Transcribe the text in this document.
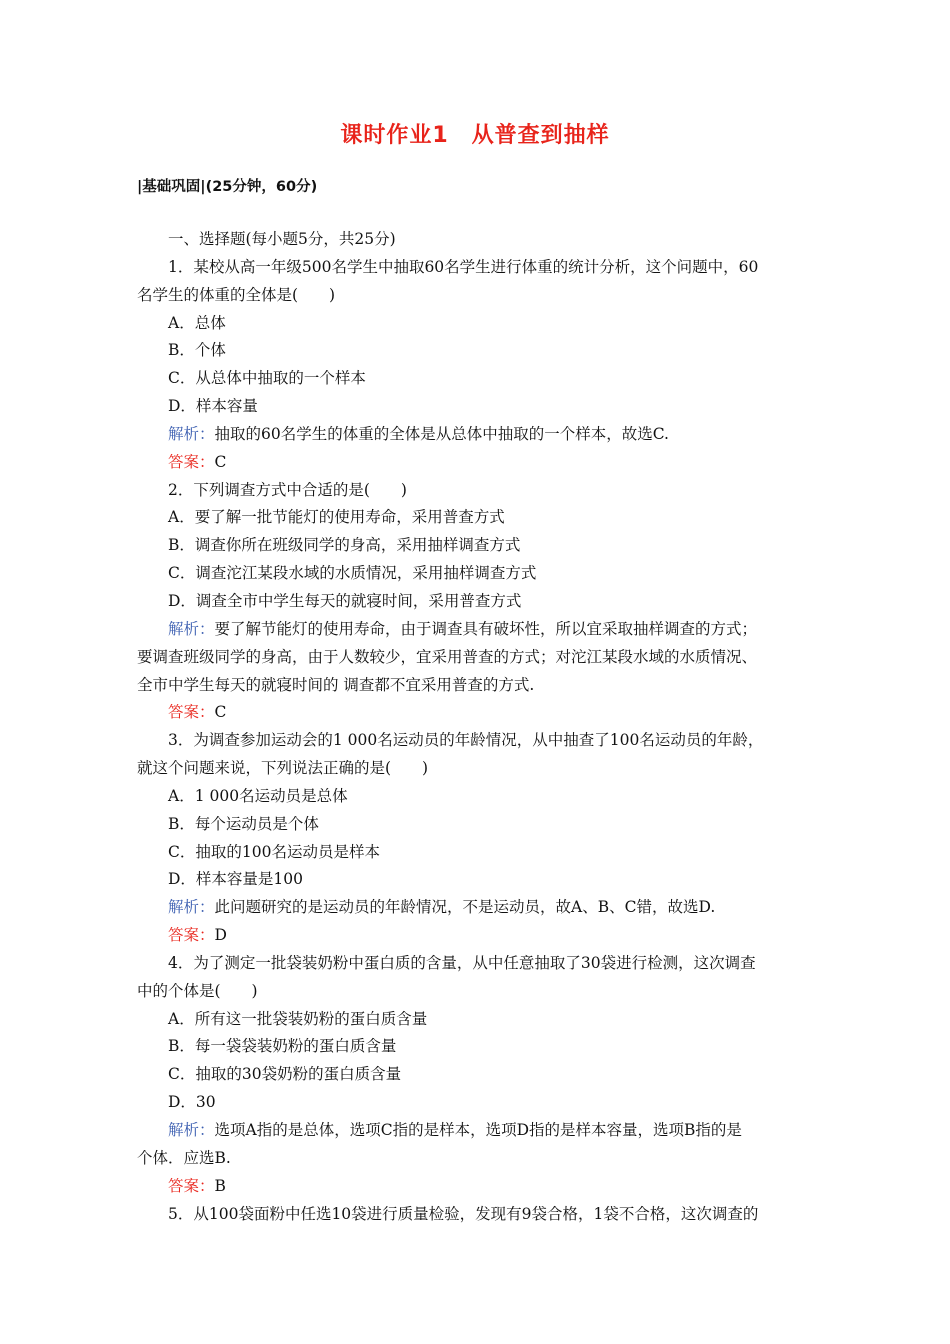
课时作业1　从普查到抽样
|基础巩固|(25分钟，60分)
一、选择题(每小题5分，共25分)
1．某校从高一年级500名学生中抽取60名学生进行体重的统计分析，这个问题中，60
名学生的体重的全体是(　　)
A．总体
B．个体
C．从总体中抽取的一个样本
D．样本容量
解析：抽取的60名学生的体重的全体是从总体中抽取的一个样本，故选C.
答案：C
2．下列调查方式中合适的是(　　)
A．要了解一批节能灯的使用寿命，采用普查方式
B．调查你所在班级同学的身高，采用抽样调查方式
C．调查沱江某段水域的水质情况，采用抽样调查方式
D．调查全市中学生每天的就寝时间，采用普查方式
解析：要了解节能灯的使用寿命，由于调查具有破坏性，所以宜采取抽样调查的方式；
要调查班级同学的身高，由于人数较少，宜采用普查的方式；对沱江某段水域的水质情况、
全市中学生每天的就寝时间的 调查都不宜采用普查的方式.
答案：C
3．为调查参加运动会的1 000名运动员的年龄情况，从中抽查了100名运动员的年龄，
就这个问题来说，下列说法正确的是(　　)
A．1 000名运动员是总体
B．每个运动员是个体
C．抽取的100名运动员是样本
D．样本容量是100
解析：此问题研究的是运动员的年龄情况，不是运动员，故A、B、C错，故选D.
答案：D
4．为了测定一批袋装奶粉中蛋白质的含量，从中任意抽取了30袋进行检测，这次调查
中的个体是(　　)
A．所有这一批袋装奶粉的蛋白质含量
B．每一袋袋装奶粉的蛋白质含量
C．抽取的30袋奶粉的蛋白质含量
D．30
解析：选项A指的是总体，选项C指的是样本，选项D指的是样本容量，选项B指的是
个体．应选B.
答案：B
5．从100袋面粉中任选10袋进行质量检验，发现有9袋合格，1袋不合格，这次调查的
